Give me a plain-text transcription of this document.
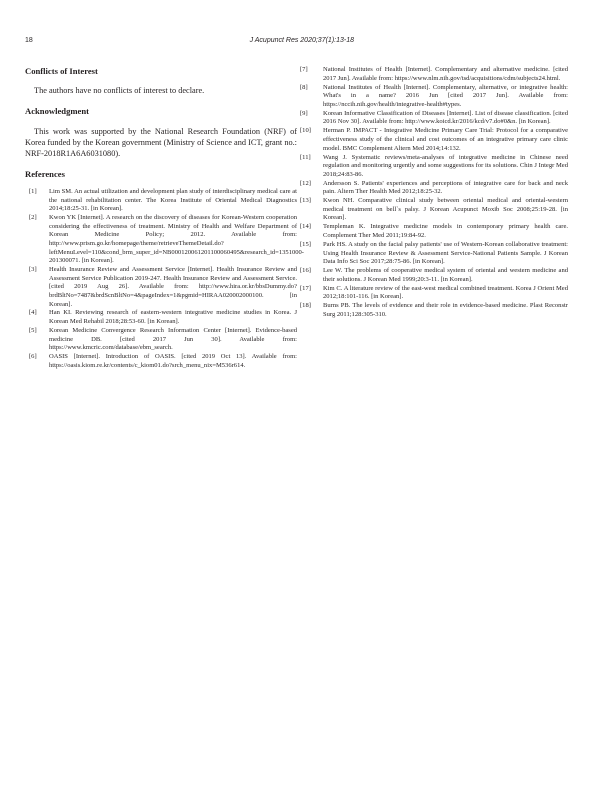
18	J Acupunct Res 2020;37(1):13-18
Conflicts of Interest

The authors have no conflicts of interest to declare.

Acknowledgment

This work was supported by the National Research Foundation (NRF) of Korea funded by the Korean government (Ministry of Science and ICT, grant no.: NRF-2018R1A6A6031080).

References
[1] Lim SM. An actual utilization and development plan study of interdisciplinary medical care at the national rehabilitation center. The Korea Institute of Oriental Medical Diagnostics 2014;18:25-31. [in Korean].
[2] Kwon YK [Internet]. A research on the discovery of diseases for Korean-Western cooperation considering the effectiveness of treatment. Ministry of Health and Welfare Department of Korean Medicine Policy; 2012. Available from: http://www.prism.go.kr/homepage/theme/retrieveThemeDetail.do?leftMenuLevel=110&cond_brm_super_id=NB000120061201100060495&research_id=1351000-201300071. [in Korean].
[3] Health Insurance Review and Assessment Service [Internet]. Health Insurance Review and Assessment Service Publication 2019-247. Health Insurance Review and Assessment Service. [cited 2019 Aug 26]. Available from: http://www.hira.or.kr/bbsDummy.do?brdBltNo=7487&brdScnBltNo=4&pageIndex=1&pgmid=HIRAA020002000100. [in Korean].
[4] Han KI. Reviewing research of eastern-western integrative medicine studies in Korea. J Korean Med Rehabil 2018;28:53-60. [in Korean].
[5] Korean Medicine Convergence Research Information Center [Internet]. Evidence-based medicine DB. [cited 2017 Jun 30]. Available from: https://www.kmcric.com/database/ebm_search.
[6] OASIS [Internet]. Introduction of OASIS. [cited 2019 Oct 13]. Available from: https://oasis.kiom.re.kr/contents/c_kiom01.do?srch_menu_nix=M536r614.
[7] National Institutes of Health [Internet]. Complementary and alternative medicine. [cited 2017 Jun]. Available from: https://www.nlm.nih.gov/tsd/acquisitions/cdm/subjects24.html.
[8] National Institutes of Health [Internet]. Complementary, alternative, or integrative health: What's in a name? 2016 Jun [cited 2017 Jun]. Available from: https://nccih.nih.gov/health/integrative-health#types.
[9] Korean Informative Classification of Diseases [Internet]. List of disease classification. [cited 2016 Nov 30]. Available from: http://www.koicd.kr/2016/kcd/v7.do#0&n. [in Korean].
[10] Herman P. IMPACT - Integrative Medicine Primary Care Trial: Protocol for a comparative effectiveness study of the clinical and cost outcomes of an integrative primary care clinic model. BMC Complement Altern Med 2014;14:132.
[11] Wang J. Systematic reviews/meta-analyses of integrative medicine in Chinese need regulation and monitoring urgently and some suggestions for its solutions. Chin J Integr Med 2018;24:83-86.
[12] Andersson S. Patients' experiences and perceptions of integrative care for back and neck pain. Altern Ther Health Med 2012;18:25-32.
[13] Kwon NH. Comparative clinical study between oriental medical and oriental-western medical treatment on bell`s palsy. J Korean Acupunct Moxib Soc 2008;25:19-28. [in Korean].
[14] Templeman K. Integrative medicine models in contemporary primary health care. Complement Ther Med 2011;19:84-92.
[15] Park HS. A study on the facial palsy patients' use of Western-Korean collaborative treatment: Using Health Insurance Review & Assessment Service-National Patients Sample. J Korean Data Info Sci Soc 2017;28:75-86. [in Korean].
[16] Lee W. The problems of cooperative medical system of oriental and western medicine and their solutions. J Korean Med 1999;20:3-11. [in Korean].
[17] Kim C. A literature review of the east-west medical combined treatment. Korea J Orient Med 2012;18:101-116. [in Korean].
[18] Burns PB. The levels of evidence and their role in evidence-based medicine. Plast Reconstr Surg 2011;128:305-310.
